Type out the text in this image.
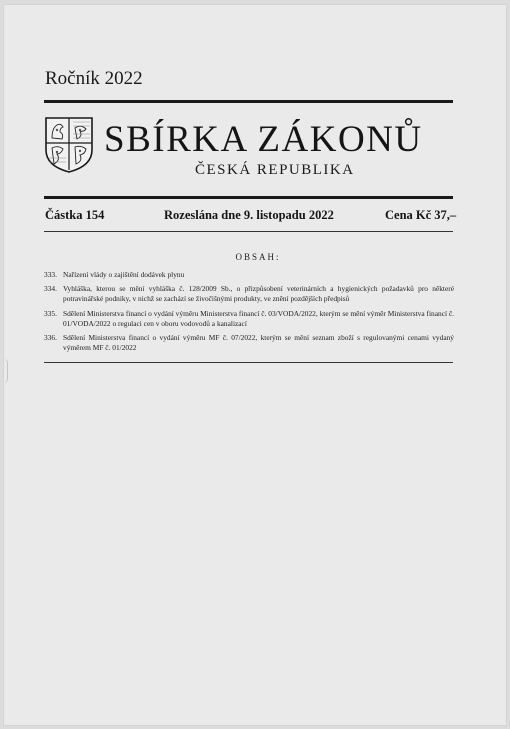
Ročník 2022
SBÍRKA ZÁKONŮ
ČESKÁ REPUBLIKA
Částka 154	Rozeslána dne 9. listopadu 2022	Cena Kč 37,–
OBSAH:
333. Nařízení vlády o zajištění dodávek plynu
334. Vyhláška, kterou se mění vyhláška č. 128/2009 Sb., o přizpůsobení veterinárních a hygienických požadavků pro některé potravinářské podniky, v nichž se zachází se živočišnými produkty, ve znění pozdějších předpisů
335. Sdělení Ministerstva financí o vydání výměru Ministerstva financí č. 03/VODA/2022, kterým se mění výměr Ministerstva financí č. 01/VODA/2022 o regulaci cen v oboru vodovodů a kanalizací
336. Sdělení Ministerstva financí o vydání výměru MF č. 07/2022, kterým se mění seznam zboží s regulovanými cenami vydaný výměrem MF č. 01/2022
